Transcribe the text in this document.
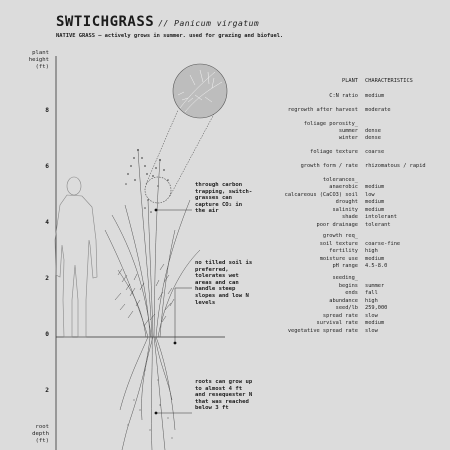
SWTICHGRASS // Panicum virgatum
NATIVE GRASS – actively grows in summer. used for grazing and biofuel.
plant
height
(ft)
root
depth
(ft)
8
6
4
2
0
2
through carbon
trapping, switch-
grasses can
capture CO₂ in
the air
no tilled soil is
preferred,
tolerates wet
areas and can
handle steep
slopes and low N
levels
roots can grow up
to almost 4 ft
and resequester N
that was reached
below 3 ft
PLANT CHARACTERISTICS
C:N ratio medium
regrowth after harvest moderate
foliage porosity_
summer dense
winter dense
foliage texture coarse
growth form / rate rhizomatous / rapid
tolerances_
anaerobic medium
calcareous (CaCO3) soil low
drought medium
salinity medium
shade intolerant
poor drainage tolerant
growth req_
soil texture coarse-fine
fertility high
moisture use medium
pH range 4.5-8.0
seeding_
begins summer
ends fall
abundance high
seed/lb 259,000
spread rate slow
survival rate medium
vegetative spread rate slow
